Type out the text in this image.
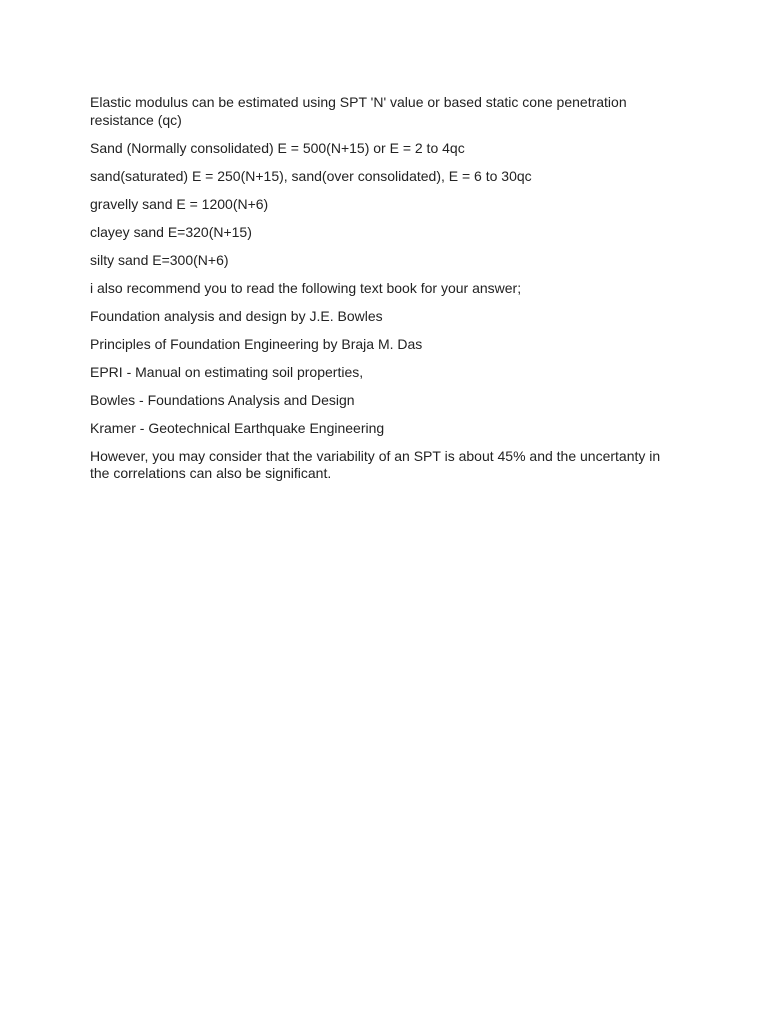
Elastic modulus can be estimated using SPT 'N' value or based static cone penetration resistance (qc)

Sand (Normally consolidated) E = 500(N+15) or E = 2 to 4qc

sand(saturated) E = 250(N+15), sand(over consolidated), E = 6 to 30qc

gravelly sand E = 1200(N+6)

clayey sand E=320(N+15)

silty sand E=300(N+6)

i also recommend you to read the following text book for your answer;

Foundation analysis and design by J.E. Bowles

Principles of Foundation Engineering by Braja M. Das

EPRI - Manual on estimating soil properties,

Bowles - Foundations Analysis and Design

Kramer - Geotechnical Earthquake Engineering

However, you may consider that the variability of an SPT is about 45% and the uncertanty in the correlations can also be significant.
